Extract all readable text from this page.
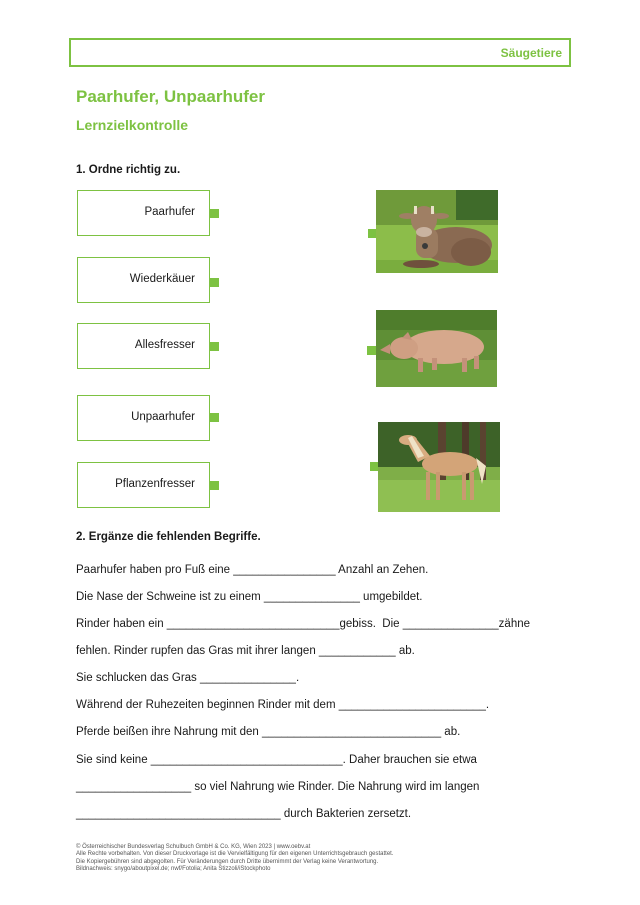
Säugetiere
Paarhufer, Unpaarhufer
Lernzielkontrolle
1. Ordne richtig zu.
Paarhufer
Wiederkäuer
Allesfresser
Unpaarhufer
Pflanzenfresser
2. Ergänze die fehlenden Begriffe.
Paarhufer haben pro Fuß eine ________________ Anzahl an Zehen.
Die Nase der Schweine ist zu einem _______________ umgebildet.
Rinder haben ein ___________________________gebiss.  Die _______________zähne
fehlen. Rinder rupfen das Gras mit ihrer langen ____________ ab.
Sie schlucken das Gras _______________.
Während der Ruhezeiten beginnen Rinder mit dem _______________________.
Pferde beißen ihre Nahrung mit den ____________________________ ab.
Sie sind keine ______________________________. Daher brauchen sie etwa
__________________ so viel Nahrung wie Rinder. Die Nahrung wird im langen
________________________________ durch Bakterien zersetzt.
© Österreichischer Bundesverlag Schulbuch GmbH & Co. KG, Wien 2023 | www.oebv.at
Alle Rechte vorbehalten. Von dieser Druckvorlage ist die Vervielfältigung für den eigenen Unterrichtsgebrauch gestattet.
Die Kopiergebühren sind abgegolten. Für Veränderungen durch Dritte übernimmt der Verlag keine Verantwortung.
Bildnachweis: snygo/aboutpixel.de; nwf/Fotolia; Anita Stizzoli/iStockphoto
